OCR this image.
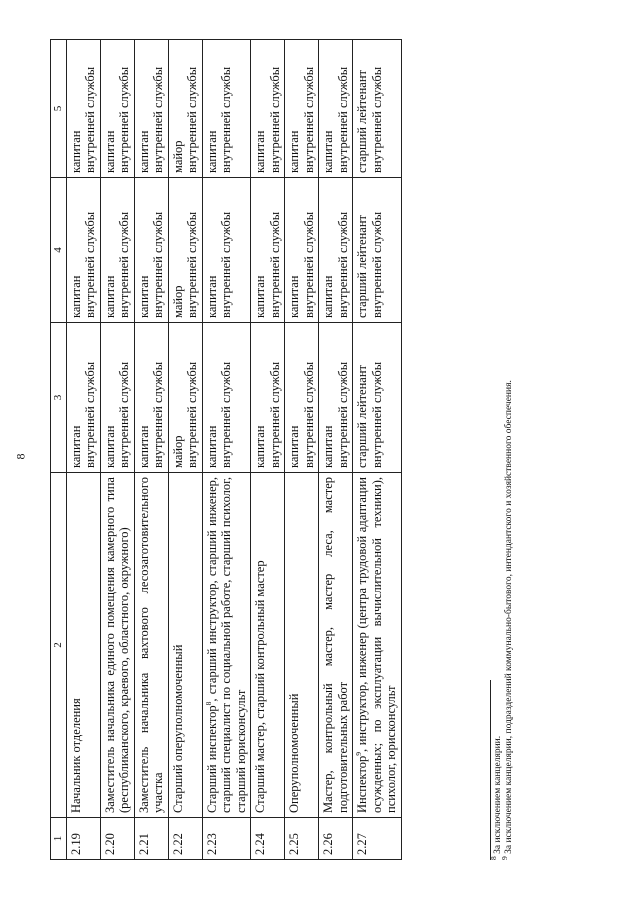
8
1	2	3	4	5
2.19	Начальник отделения	капитан внутренней службы	капитан внутренней службы	капитан внутренней службы

2.20	Заместитель начальника единого помещения камерного типа (республиканского, краевого, областного, окружного)	капитан внутренней службы	капитан внутренней службы	капитан внутренней службы

2.21	Заместитель начальника вахтового лесозаготовительного участка	капитан внутренней службы	капитан внутренней службы	капитан внутренней службы

2.22	Старший оперуполномоченный	майор внутренней службы	майор внутренней службы	майор внутренней службы

2.23	Старший инспектор$^8$, старший инструктор, старший инженер, старший специалист по социальной работе, старший психолог, старший юрисконсульт	капитан внутренней службы	капитан внутренней службы	капитан внутренней службы

2.24	Старший мастер, старший контрольный мастер	капитан внутренней службы	капитан внутренней службы	капитан внутренней службы

2.25	Оперуполномоченный	капитан внутренней службы	капитан внутренней службы	капитан внутренней службы

2.26	Мастер, контрольный мастер, мастер леса, мастер подготовительных работ	капитан внутренней службы	капитан внутренней службы	капитан внутренней службы

2.27	Инспектор$^9$, инструктор, инженер (центра трудовой адаптации осужденных; по эксплуатации вычислительной техники), психолог, юрисконсульт	старший лейтенант внутренней службы	старший лейтенант внутренней службы	старший лейтенант внутренней службы
$^8$ За исключением канцелярии.
$^9$ За исключением канцелярии, подразделений коммунально-бытового, интендантского и хозяйственного обеспечения.
